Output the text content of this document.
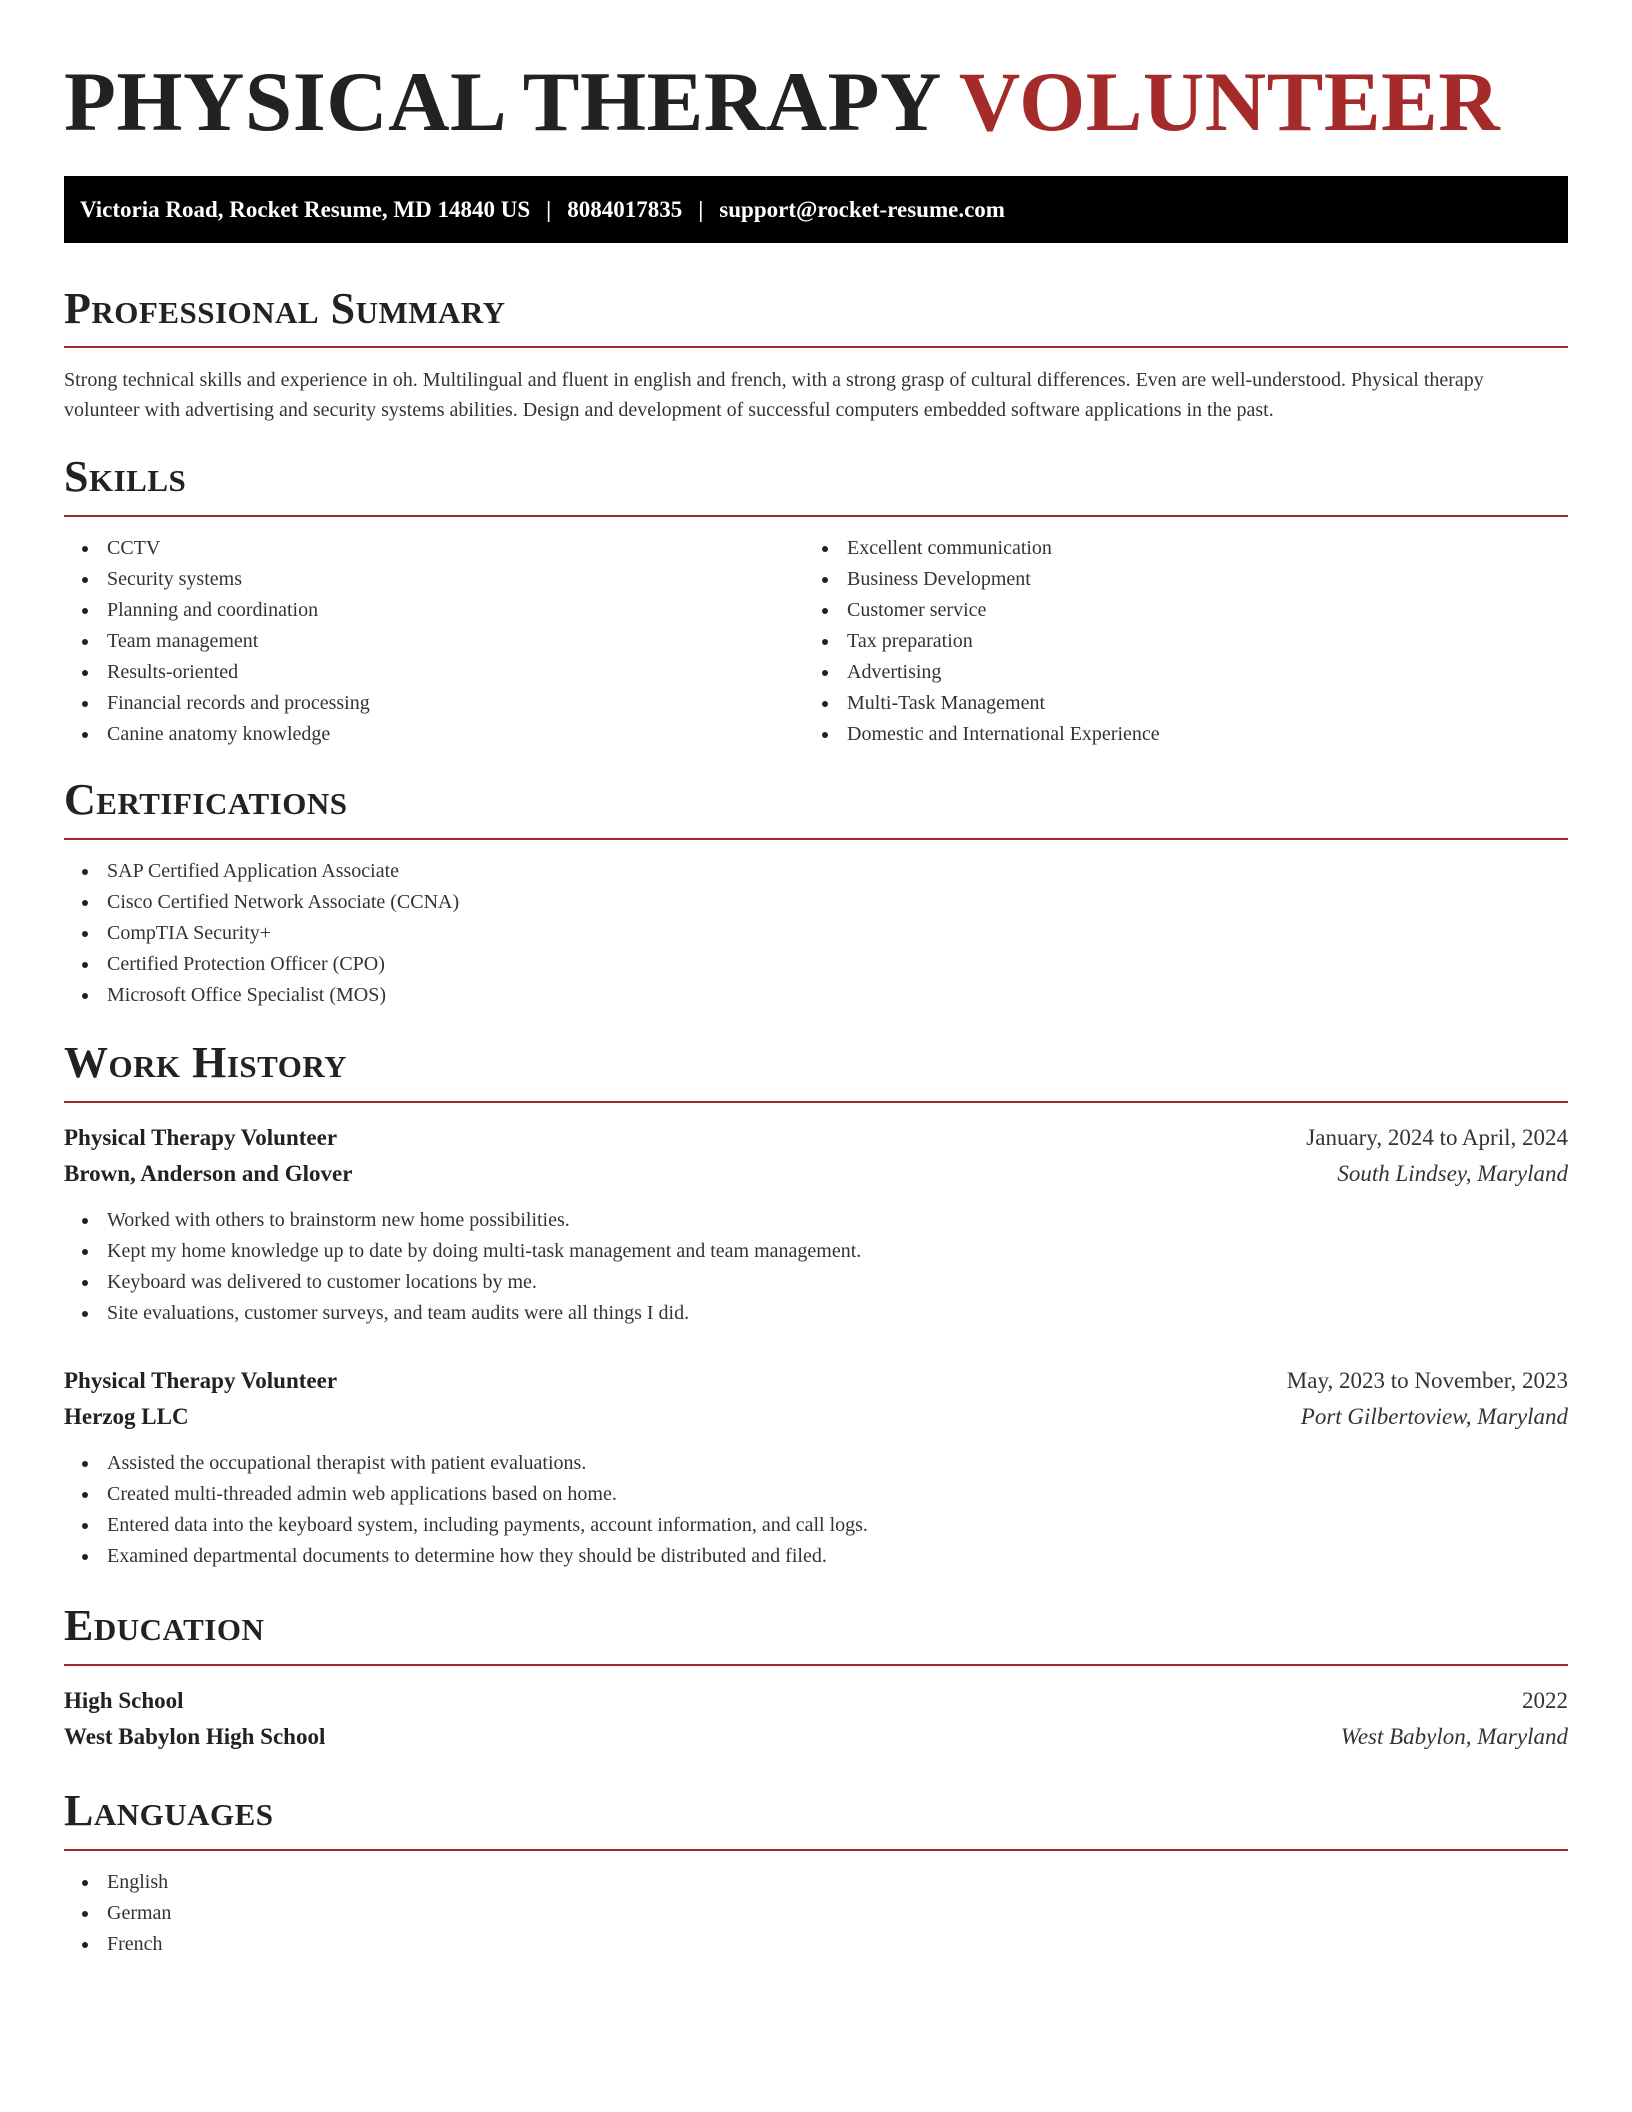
PHYSICAL THERAPY VOLUNTEER
Victoria Road, Rocket Resume, MD 14840 US | 8084017835 | support@rocket-resume.com
Professional Summary

Strong technical skills and experience in oh. Multilingual and fluent in english and french, with a strong grasp of cultural differences. Even are well-understood. Physical therapy volunteer with advertising and security systems abilities. Design and development of successful computers embedded software applications in the past.

Skills
CCTV
Security systems
Planning and coordination
Team management
Results-oriented
Financial records and processing
Canine anatomy knowledge
Excellent communication
Business Development
Customer service
Tax preparation
Advertising
Multi-Task Management
Domestic and International Experience
Certifications
SAP Certified Application Associate
Cisco Certified Network Associate (CCNA)
CompTIA Security+
Certified Protection Officer (CPO)
Microsoft Office Specialist (MOS)
Work History
Physical Therapy Volunteer	January, 2024 to April, 2024
Brown, Anderson and Glover	South Lindsey, Maryland
Worked with others to brainstorm new home possibilities.
Kept my home knowledge up to date by doing multi-task management and team management.
Keyboard was delivered to customer locations by me.
Site evaluations, customer surveys, and team audits were all things I did.
Physical Therapy Volunteer	May, 2023 to November, 2023
Herzog LLC	Port Gilbertoview, Maryland
Assisted the occupational therapist with patient evaluations.
Created multi-threaded admin web applications based on home.
Entered data into the keyboard system, including payments, account information, and call logs.
Examined departmental documents to determine how they should be distributed and filed.
Education
High School	2022
West Babylon High School	West Babylon, Maryland
Languages
English
German
French
